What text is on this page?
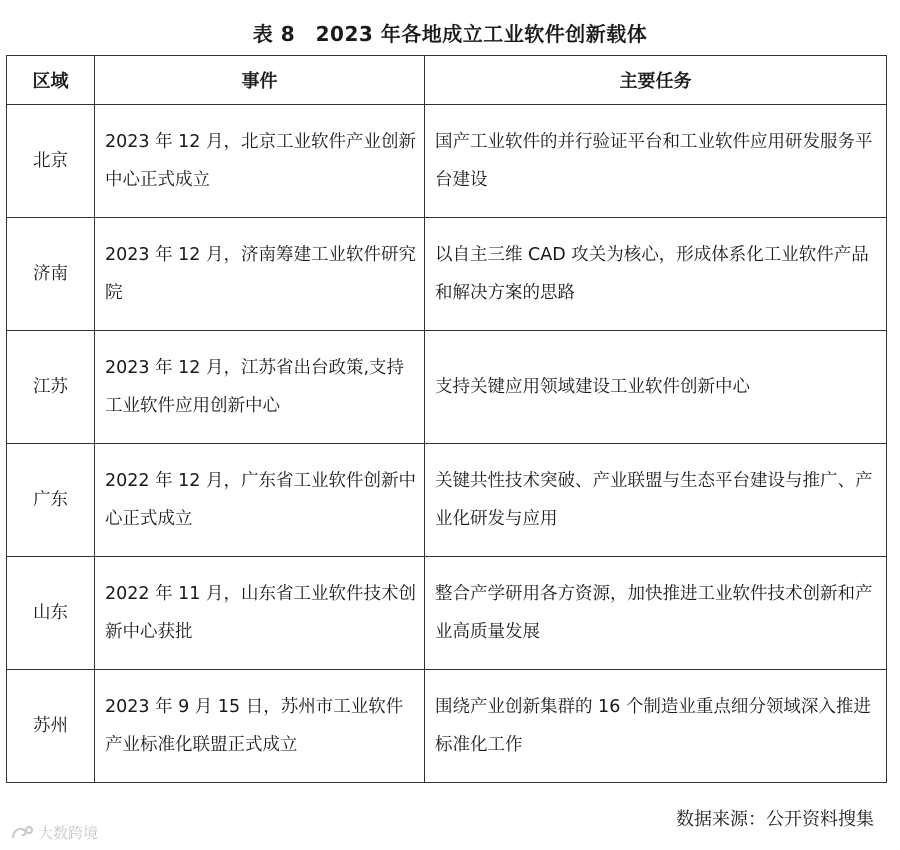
表 8　2023 年各地成立工业软件创新载体
区域	事件	主要任务
北京	2023 年 12 月，北京工业软件产业创新中心正式成立	国产工业软件的并行验证平台和工业软件应用研发服务平台建设
济南	2023 年 12 月，济南筹建工业软件研究院	以自主三维 CAD 攻关为核心，形成体系化工业软件产品和解决方案的思路
江苏	2023 年 12 月，江苏省出台政策,支持工业软件应用创新中心	支持关键应用领域建设工业软件创新中心
广东	2022 年 12 月，广东省工业软件创新中心正式成立	关键共性技术突破、产业联盟与生态平台建设与推广、产业化研发与应用
山东	2022 年 11 月，山东省工业软件技术创新中心获批	整合产学研用各方资源，加快推进工业软件技术创新和产业高质量发展
苏州	2023 年 9 月 15 日，苏州市工业软件产业标准化联盟正式成立	围绕产业创新集群的 16 个制造业重点细分领域深入推进标准化工作
数据来源：公开资料搜集
大数跨境
